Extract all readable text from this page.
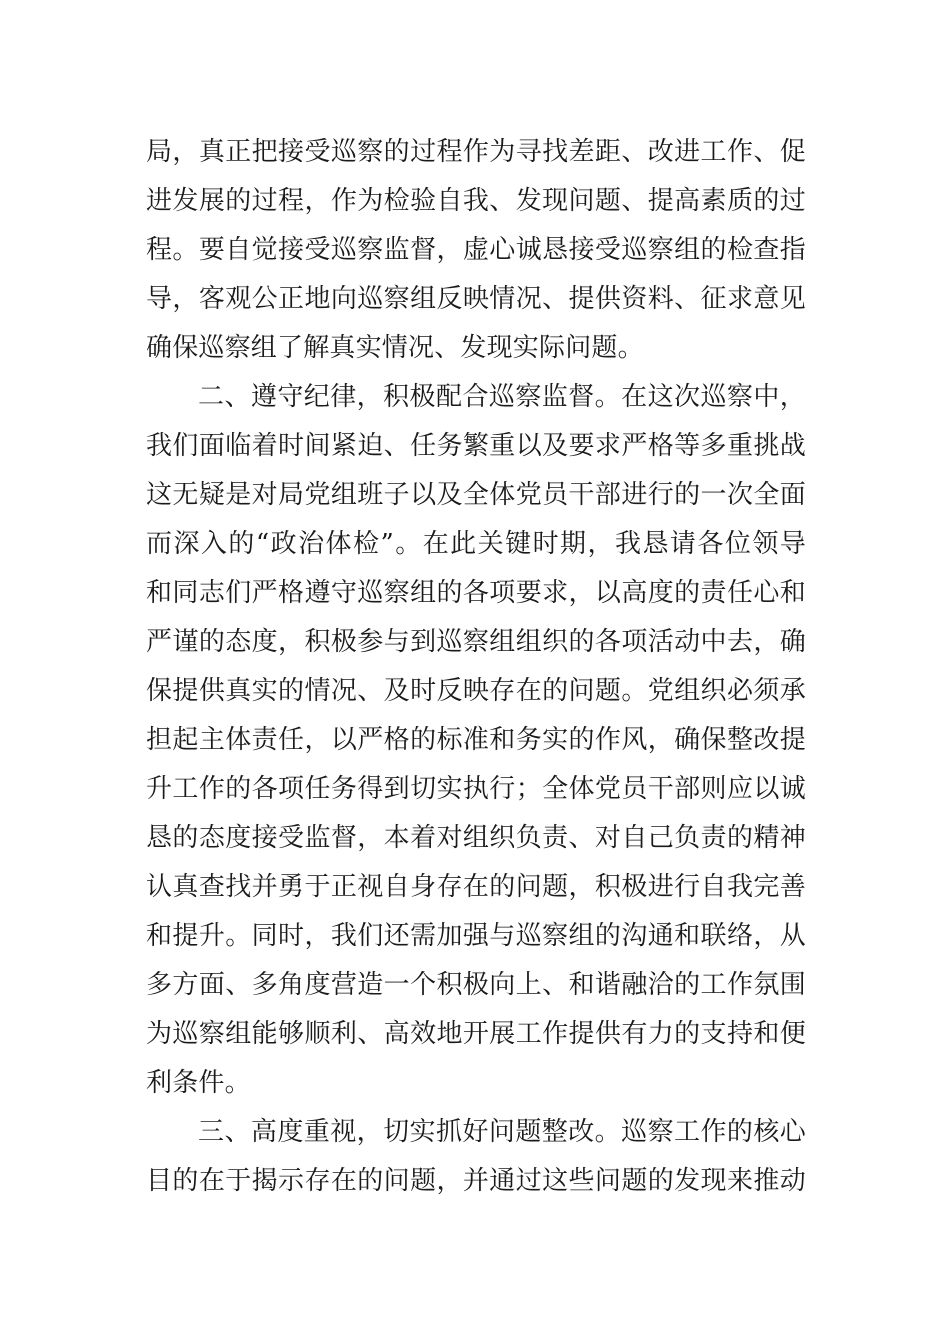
局，真正把接受巡察的过程作为寻找差距、改进工作、促
进发展的过程，作为检验自我、发现问题、提高素质的过
程。要自觉接受巡察监督，虚心诚恳接受巡察组的检查指
导，客观公正地向巡察组反映情况、提供资料、征求意见
确保巡察组了解真实情况、发现实际问题。
二、遵守纪律，积极配合巡察监督。在这次巡察中，
我们面临着时间紧迫、任务繁重以及要求严格等多重挑战
这无疑是对局党组班子以及全体党员干部进行的一次全面
而深入的“政治体检”。在此关键时期，我恳请各位领导
和同志们严格遵守巡察组的各项要求，以高度的责任心和
严谨的态度，积极参与到巡察组组织的各项活动中去，确
保提供真实的情况、及时反映存在的问题。党组织必须承
担起主体责任，以严格的标准和务实的作风，确保整改提
升工作的各项任务得到切实执行；全体党员干部则应以诚
恳的态度接受监督，本着对组织负责、对自己负责的精神
认真查找并勇于正视自身存在的问题，积极进行自我完善
和提升。同时，我们还需加强与巡察组的沟通和联络，从
多方面、多角度营造一个积极向上、和谐融洽的工作氛围
为巡察组能够顺利、高效地开展工作提供有力的支持和便
利条件。
三、高度重视，切实抓好问题整改。巡察工作的核心
目的在于揭示存在的问题，并通过这些问题的发现来推动
